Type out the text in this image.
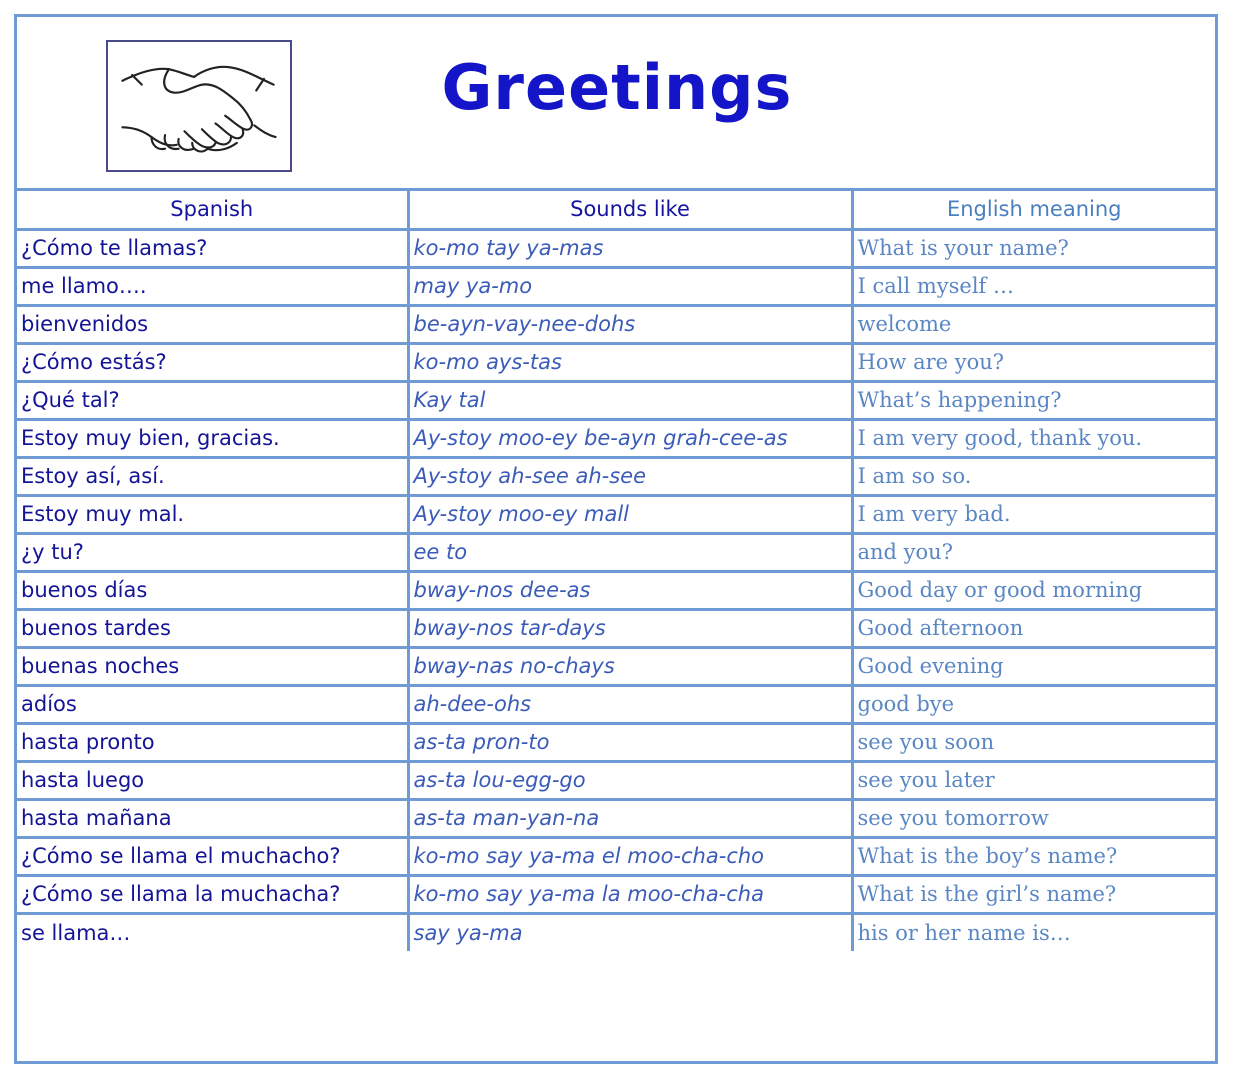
Greetings
Spanish	Sounds like	English meaning
¿Cómo te llamas?	ko-mo tay ya-mas	What is your name?
me llamo….	may ya-mo	I call myself …
bienvenidos	be-ayn-vay-nee-dohs	welcome
¿Cómo estás?	ko-mo ays-tas	How are you?
¿Qué tal?	Kay tal	What’s happening?
Estoy muy bien, gracias.	Ay-stoy moo-ey be-ayn grah-cee-as	I am very good, thank you.
Estoy así, así.	Ay-stoy ah-see ah-see	I am so so.
Estoy muy mal.	Ay-stoy moo-ey mall	I am very bad.
¿y tu?	ee to	and you?
buenos días	bway-nos dee-as	Good day or good morning
buenos tardes	bway-nos tar-days	Good afternoon
buenas noches	bway-nas no-chays	Good evening
adíos	ah-dee-ohs	good bye
hasta pronto	as-ta pron-to	see you soon
hasta luego	as-ta lou-egg-go	see you later
hasta mañana	as-ta man-yan-na	see you tomorrow
¿Cómo se llama el muchacho?	ko-mo say ya-ma el moo-cha-cho	What is the boy’s name?
¿Cómo se llama la muchacha?	ko-mo say ya-ma la moo-cha-cha	What is the girl’s name?
se llama…	say ya-ma	his or her name is…
